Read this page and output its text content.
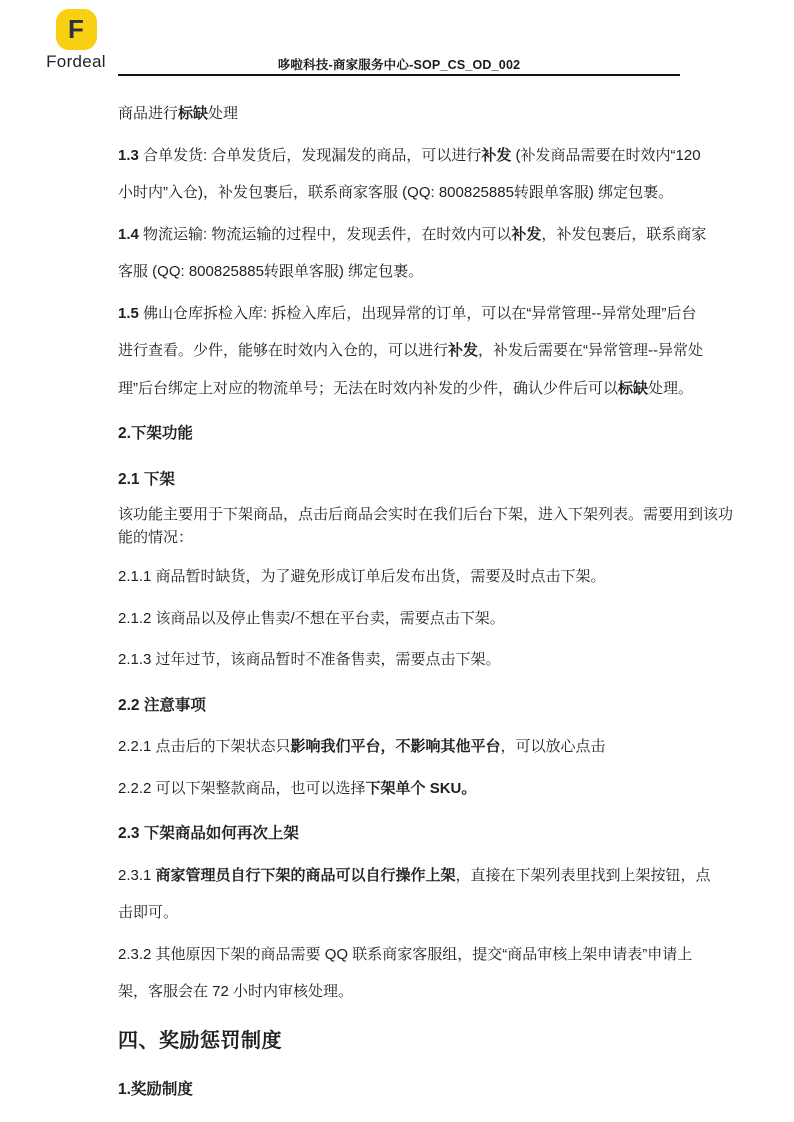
F
Fordeal	哆啦科技-商家服务中心-SOP_CS_OD_002
商品进行标缺处理
1.3 合单发货: 合单发货后，发现漏发的商品，可以进行补发 (补发商品需要在时效内“120
小时内”入仓)，补发包裹后，联系商家客服 (QQ: 800825885转跟单客服) 绑定包裹。
1.4 物流运输: 物流运输的过程中，发现丢件，在时效内可以补发，补发包裹后，联系商家
客服 (QQ: 800825885转跟单客服) 绑定包裹。
1.5 佛山仓库拆检入库: 拆检入库后，出现异常的订单，可以在“异常管理--异常处理”后台
进行查看。少件，能够在时效内入仓的，可以进行补发，补发后需要在“异常管理--异常处
理”后台绑定上对应的物流单号；无法在时效内补发的少件，确认少件后可以标缺处理。
2.下架功能
2.1 下架
该功能主要用于下架商品，点击后商品会实时在我们后台下架，进入下架列表。需要用到该功
能的情况：
2.1.1 商品暂时缺货，为了避免形成订单后发布出货，需要及时点击下架。
2.1.2 该商品以及停止售卖/不想在平台卖，需要点击下架。
2.1.3 过年过节，该商品暂时不准备售卖，需要点击下架。
2.2 注意事项
2.2.1 点击后的下架状态只影响我们平台，不影响其他平台，可以放心点击
2.2.2 可以下架整款商品，也可以选择下架单个 SKU。
2.3 下架商品如何再次上架
2.3.1 商家管理员自行下架的商品可以自行操作上架，直接在下架列表里找到上架按钮，点
击即可。
2.3.2 其他原因下架的商品需要 QQ 联系商家客服组，提交“商品审核上架申请表”申请上
架，客服会在 72 小时内审核处理。
四、奖励惩罚制度
1.奖励制度
